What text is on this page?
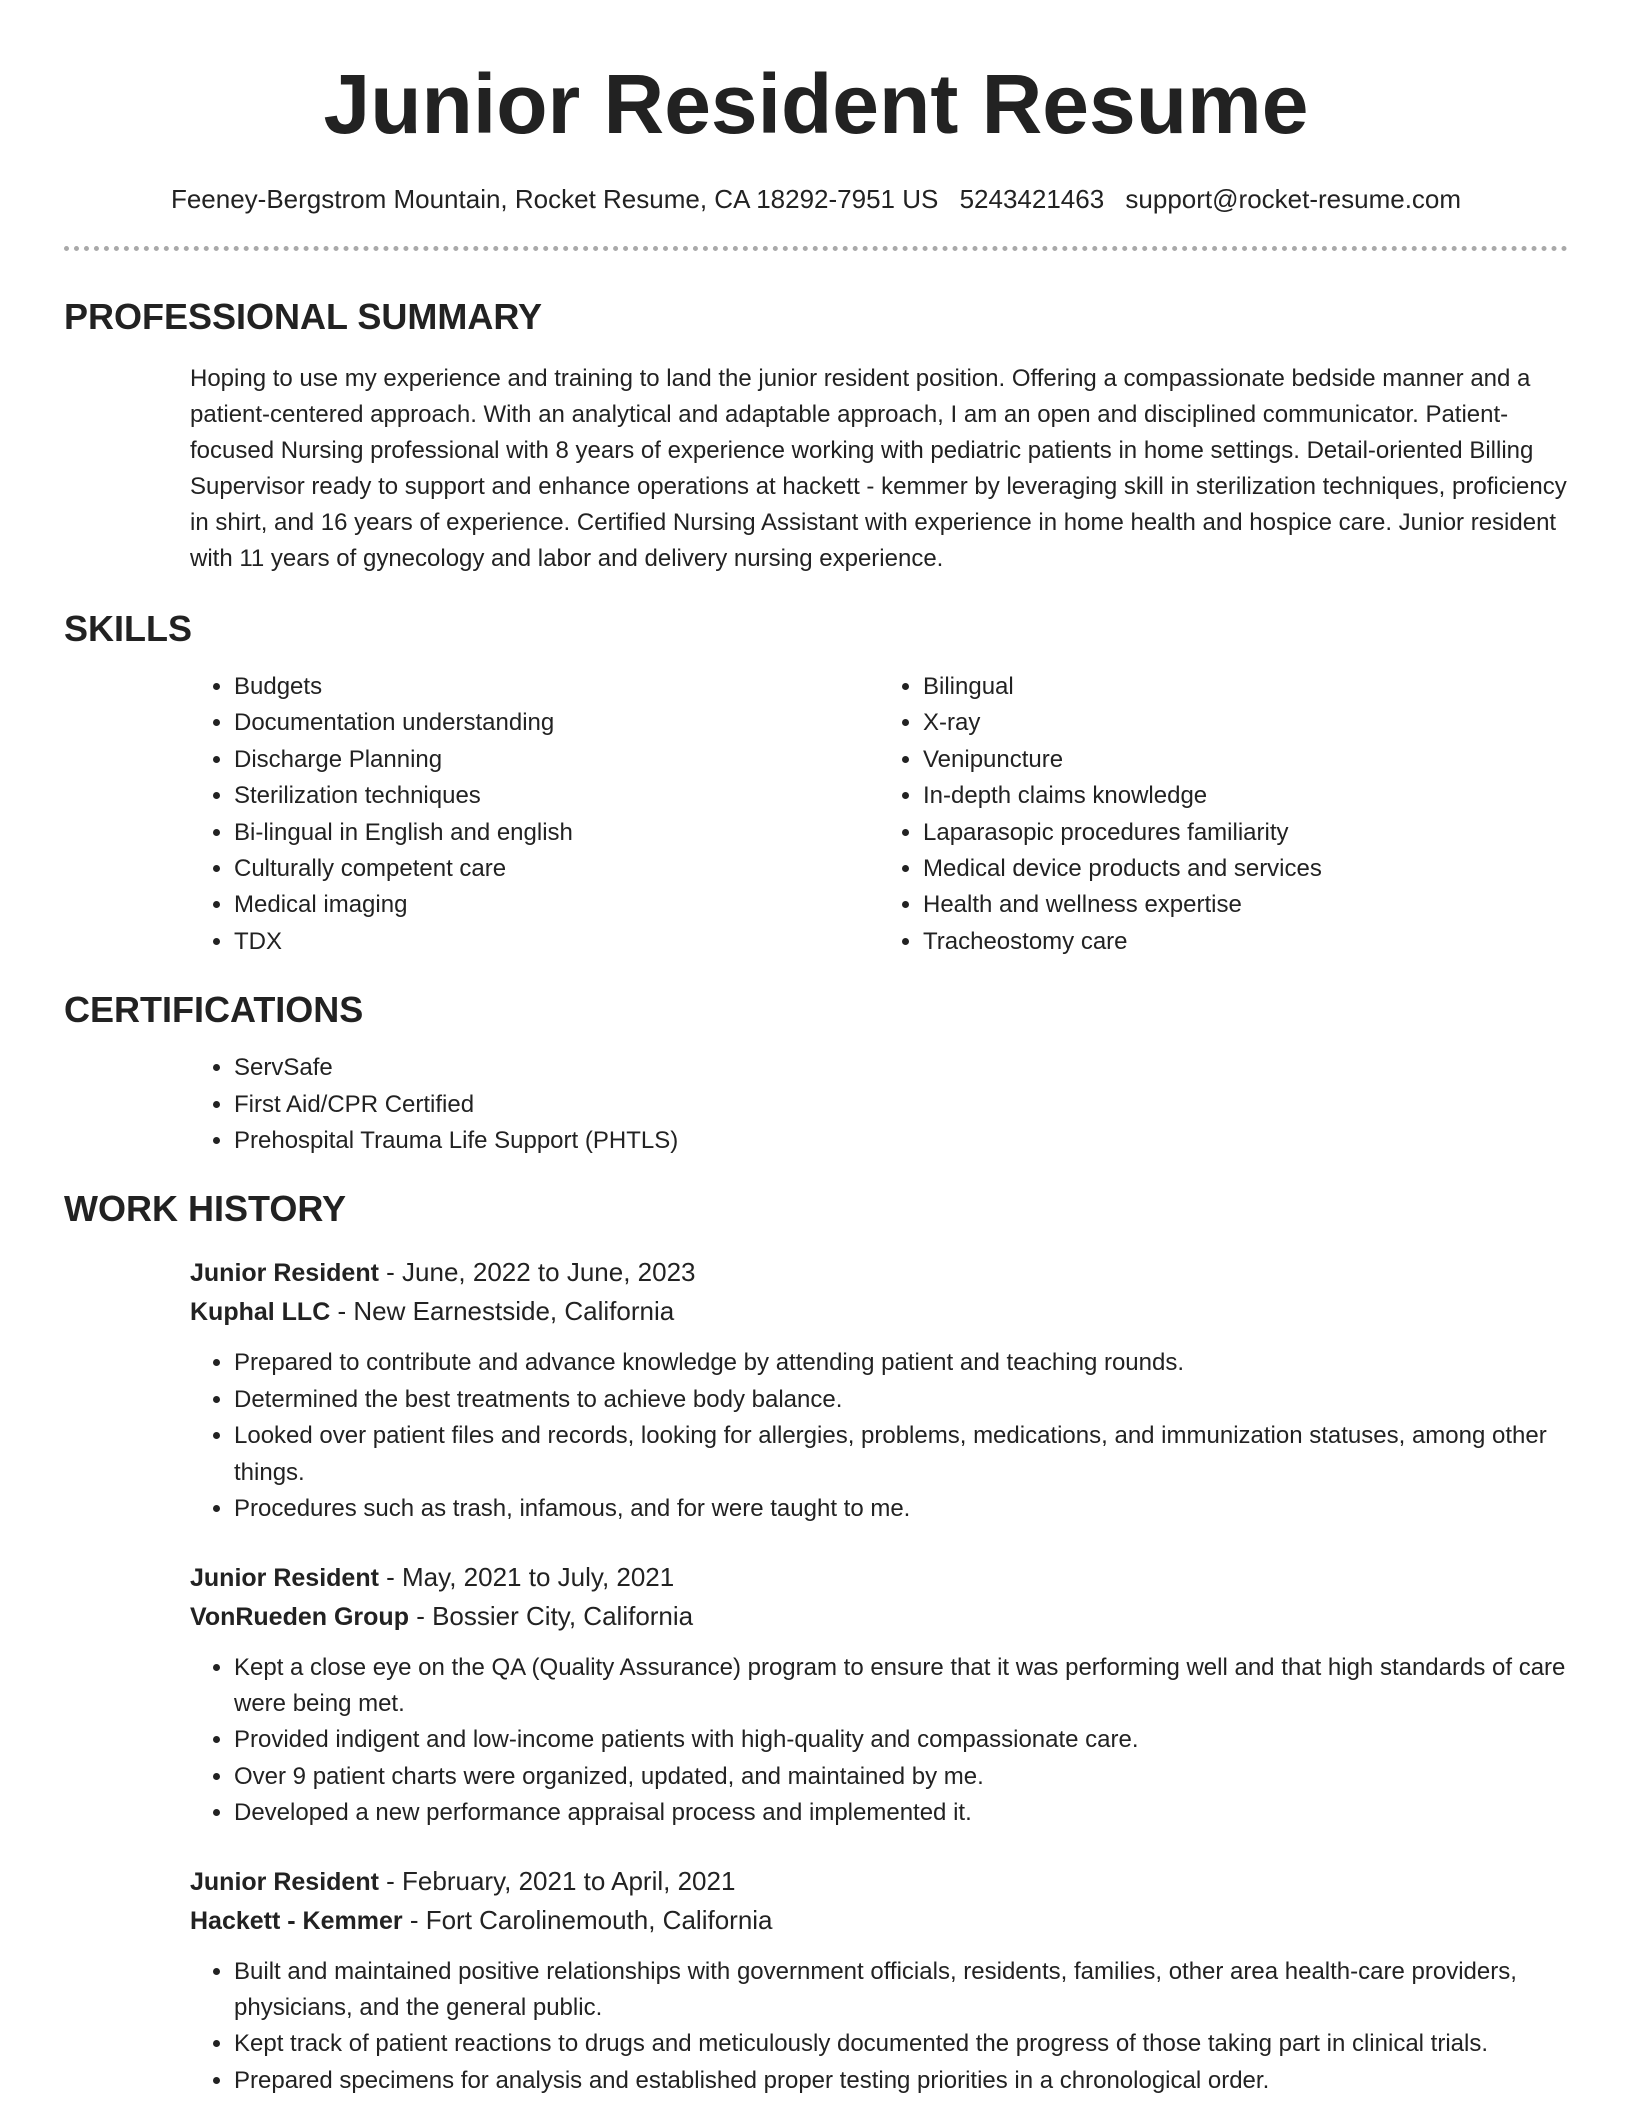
Junior Resident Resume
Feeney-Bergstrom Mountain, Rocket Resume, CA 18292-7951 US 5243421463 support@rocket-resume.com
PROFESSIONAL SUMMARY

Hoping to use my experience and training to land the junior resident position. Offering a compassionate bedside manner and a patient-centered approach. With an analytical and adaptable approach, I am an open and disciplined communicator. Patient-focused Nursing professional with 8 years of experience working with pediatric patients in home settings. Detail-oriented Billing Supervisor ready to support and enhance operations at hackett - kemmer by leveraging skill in sterilization techniques, proficiency in shirt, and 16 years of experience. Certified Nursing Assistant with experience in home health and hospice care. Junior resident with 11 years of gynecology and labor and delivery nursing experience.

SKILLS
• Budgets
• Documentation understanding
• Discharge Planning
• Sterilization techniques
• Bi-lingual in English and english
• Culturally competent care
• Medical imaging
• TDX
• Bilingual
• X-ray
• Venipuncture
• In-depth claims knowledge
• Laparasopic procedures familiarity
• Medical device products and services
• Health and wellness expertise
• Tracheostomy care
CERTIFICATIONS
• ServSafe
• First Aid/CPR Certified
• Prehospital Trauma Life Support (PHTLS)
WORK HISTORY
Junior Resident - June, 2022 to June, 2023
Kuphal LLC - New Earnestside, California
• Prepared to contribute and advance knowledge by attending patient and teaching rounds.
• Determined the best treatments to achieve body balance.
• Looked over patient files and records, looking for allergies, problems, medications, and immunization statuses, among other things.
• Procedures such as trash, infamous, and for were taught to me.
Junior Resident - May, 2021 to July, 2021
VonRueden Group - Bossier City, California
• Kept a close eye on the QA (Quality Assurance) program to ensure that it was performing well and that high standards of care were being met.
• Provided indigent and low-income patients with high-quality and compassionate care.
• Over 9 patient charts were organized, updated, and maintained by me.
• Developed a new performance appraisal process and implemented it.
Junior Resident - February, 2021 to April, 2021
Hackett - Kemmer - Fort Carolinemouth, California
• Built and maintained positive relationships with government officials, residents, families, other area health-care providers, physicians, and the general public.
• Kept track of patient reactions to drugs and meticulously documented the progress of those taking part in clinical trials.
• Prepared specimens for analysis and established proper testing priorities in a chronological order.
